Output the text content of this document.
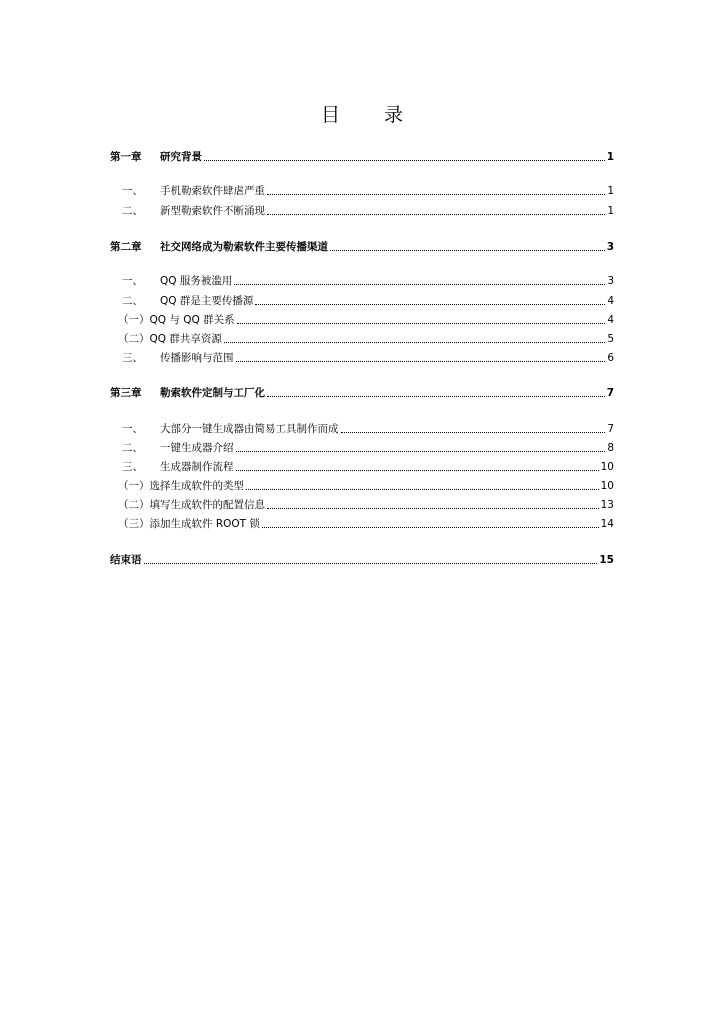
目 录
第一章	研究背景	1
一、	手机勒索软件肆虐严重	1
二、	新型勒索软件不断涌现	1
第二章	社交网络成为勒索软件主要传播渠道	3
一、	QQ 服务被滥用	3
二、	QQ 群是主要传播源	4
（一） QQ 与 QQ 群关系	4
（二） QQ 群共享资源	5
三、	传播影响与范围	6
第三章	勒索软件定制与工厂化	7
一、	大部分一键生成器由简易工具制作而成	7
二、	一键生成器介绍	8
三、	生成器制作流程	10
（一） 选择生成软件的类型	10
（二） 填写生成软件的配置信息	13
（三） 添加生成软件 ROOT 锁	14
结束语	15
